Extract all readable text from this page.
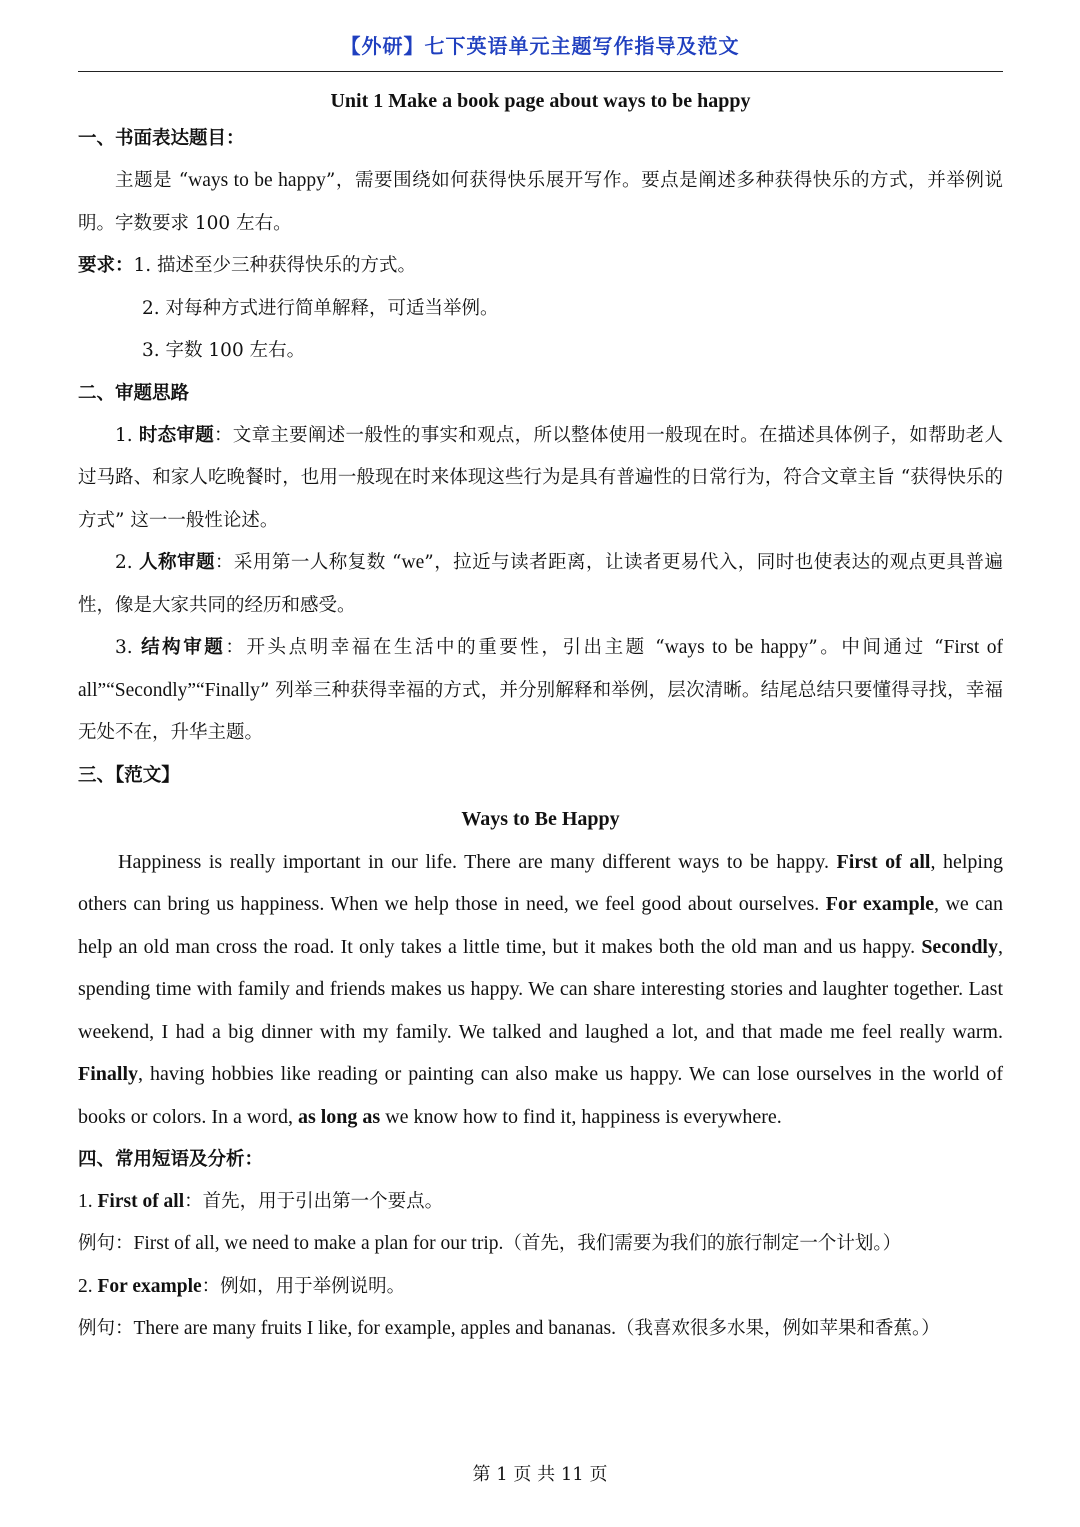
【外研】七下英语单元主题写作指导及范文
Unit 1 Make a book page about ways to be happy
一、书面表达题目：
主题是 “ways to be happy”，需要围绕如何获得快乐展开写作。要点是阐述多种获得快乐的方式，并举例说明。字数要求 100 左右。
要求：1. 描述至少三种获得快乐的方式。
2. 对每种方式进行简单解释，可适当举例。
3. 字数 100 左右。
二、审题思路
1. 时态审题：文章主要阐述一般性的事实和观点，所以整体使用一般现在时。在描述具体例子，如帮助老人过马路、和家人吃晚餐时，也用一般现在时来体现这些行为是具有普遍性的日常行为，符合文章主旨 “获得快乐的方式” 这一一般性论述。
2. 人称审题：采用第一人称复数 “we”，拉近与读者距离，让读者更易代入，同时也使表达的观点更具普遍性，像是大家共同的经历和感受。
3. 结构审题：开头点明幸福在生活中的重要性，引出主题 “ways to be happy”。中间通过 “First of all”“Secondly”“Finally” 列举三种获得幸福的方式，并分别解释和举例，层次清晰。结尾总结只要懂得寻找，幸福无处不在，升华主题。
三、【范文】
Ways to Be Happy
Happiness is really important in our life. There are many different ways to be happy. First of all, helping others can bring us happiness. When we help those in need, we feel good about ourselves. For example, we can help an old man cross the road. It only takes a little time, but it makes both the old man and us happy. Secondly, spending time with family and friends makes us happy. We can share interesting stories and laughter together. Last weekend, I had a big dinner with my family. We talked and laughed a lot, and that made me feel really warm. Finally, having hobbies like reading or painting can also make us happy. We can lose ourselves in the world of books or colors. In a word, as long as we know how to find it, happiness is everywhere.
四、常用短语及分析：
1. First of all：首先，用于引出第一个要点。
例句：First of all, we need to make a plan for our trip.（首先，我们需要为我们的旅行制定一个计划。）
2. For example：例如，用于举例说明。
例句：There are many fruits I like, for example, apples and bananas.（我喜欢很多水果，例如苹果和香蕉。）
第 1 页 共 11 页
